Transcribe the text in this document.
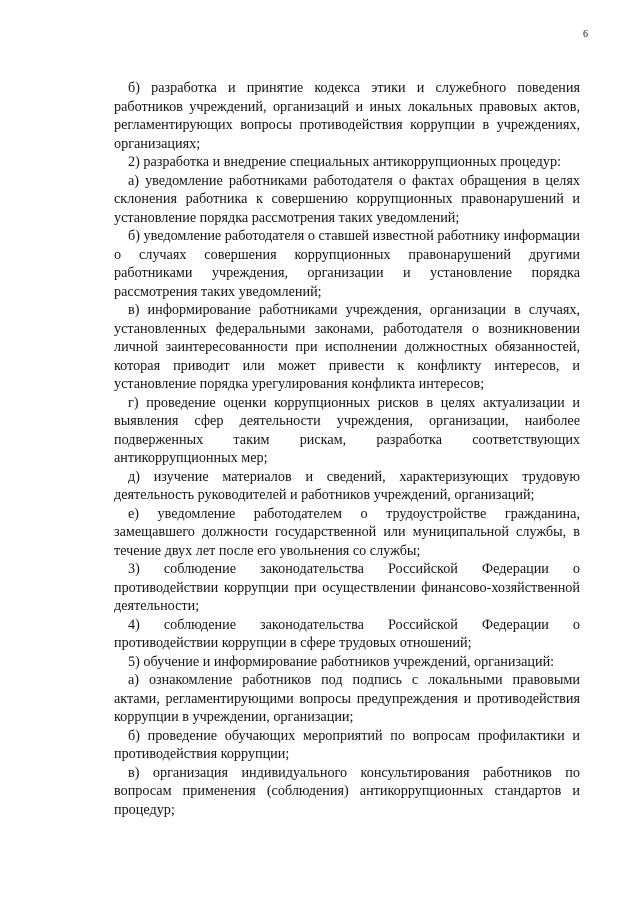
6

б) разработка и принятие кодекса этики и служебного поведения работников учреждений, организаций и иных локальных правовых актов, регламентирующих вопросы противодействия коррупции в учреждениях, организациях;

2) разработка и внедрение специальных антикоррупционных процедур:

а) уведомление работниками работодателя о фактах обращения в целях склонения работника к совершению коррупционных правонарушений и установление порядка рассмотрения таких уведомлений;

б) уведомление работодателя о ставшей известной работнику информации о случаях совершения коррупционных правонарушений другими работниками учреждения, организации и установление порядка рассмотрения таких уведомлений;

в) информирование работниками учреждения, организации в случаях, установленных федеральными законами, работодателя о возникновении личной заинтересованности при исполнении должностных обязанностей, которая приводит или может привести к конфликту интересов, и установление порядка урегулирования конфликта интересов;

г) проведение оценки коррупционных рисков в целях актуализации и выявления сфер деятельности учреждения, организации, наиболее подверженных таким рискам, разработка соответствующих антикоррупционных мер;

д) изучение материалов и сведений, характеризующих трудовую деятельность руководителей и работников учреждений, организаций;

е) уведомление работодателем о трудоустройстве гражданина, замещавшего должности государственной или муниципальной службы, в течение двух лет после его увольнения со службы;

3) соблюдение законодательства Российской Федерации о противодействии коррупции при осуществлении финансово-хозяйственной деятельности;

4) соблюдение законодательства Российской Федерации о противодействии коррупции в сфере трудовых отношений;

5) обучение и информирование работников учреждений, организаций:

а) ознакомление работников под подпись с локальными правовыми актами, регламентирующими вопросы предупреждения и противодействия коррупции в учреждении, организации;

б) проведение обучающих мероприятий по вопросам профилактики и противодействия коррупции;

в) организация индивидуального консультирования работников по вопросам применения (соблюдения) антикоррупционных стандартов и процедур;
